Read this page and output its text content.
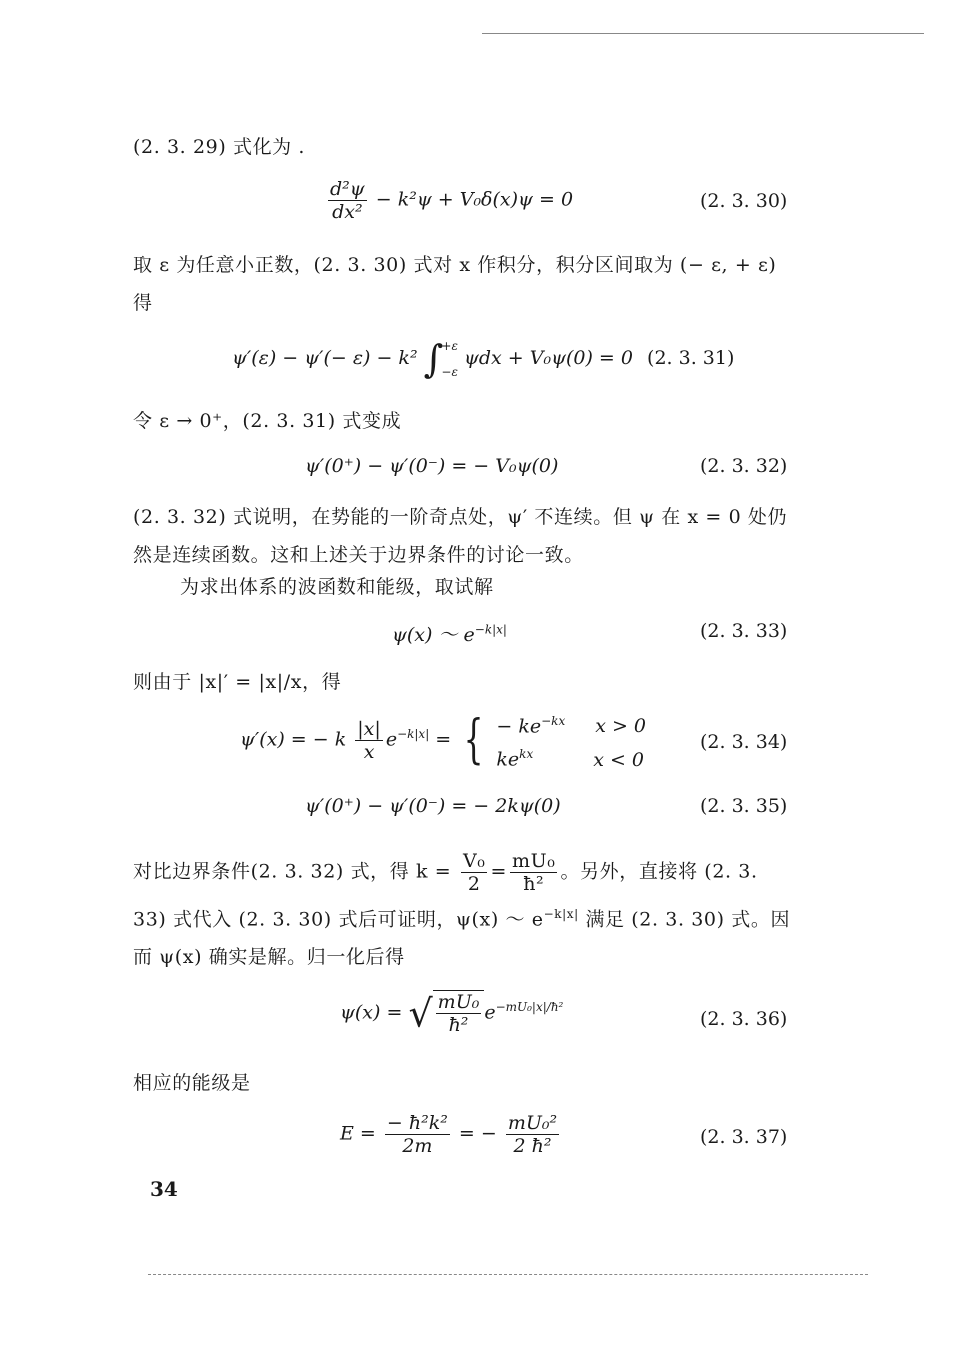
(2. 3. 29) 式化为 .
$\frac{\text{d²ψ}}{\text{dx²}} - k^2\psi + V_0\delta(x)\psi = 0$	(2. 3. 30)
取 ε 为任意小正数，(2. 3. 30) 式对 x 作积分，积分区间取为 (− ε, + ε) 得
ψ′(ε) − ψ′(− ε) − k² ∫
+ε
−ε
ψdx + V₀ψ(0) = 0 (2. 3. 31)
令 ε → 0⁺，(2. 3. 31) 式变成
ψ′(0⁺) − ψ′(0⁻) = − V₀ψ(0)	(2. 3. 32)
(2. 3. 32) 式说明，在势能的一阶奇点处，ψ′ 不连续。但 ψ 在 x = 0 处仍然是连续函数。这和上述关于边界条件的讨论一致。
为求出体系的波函数和能级，取试解
ψ(x) ～ $e^{-k|x|}$	(2. 3. 33)
则由于 |x|′ = |x|/x，得
ψ′(x) = − k $\frac{|x|}{x} e^{-k|x|}$ = { − $ke^{-kx}$ x > 0
$ke^{kx}$	x < 0
(2. 3. 34)
ψ′(0⁺) − ψ′(0⁻) = − 2kψ(0)	(2. 3. 35)
对比边界条件(2. 3. 32) 式，得 $k = \frac{\text{V₀}}{2} = \frac{\text{mU₀}}{\text{ħ²}}$ 。另外，直接将 (2. 3. 33) 式代入 (2. 3. 30) 式后可证明，ψ(x) ～ $e^{-k|x|}$ 满足 (2. 3. 30) 式。因而 ψ(x) 确实是解。归一化后得
ψ(x) = √ $\frac{\text{mU₀}}{\text{ħ²}} e^{-mU_0|x|/ħ^2}$
(2. 3. 36)
相应的能级是
$E = \frac{\text{− ħ²k²}}{2m}$ = − $\frac{\text{mU₀²}}{\text{2 ħ²}}$	(2. 3. 37)
34
